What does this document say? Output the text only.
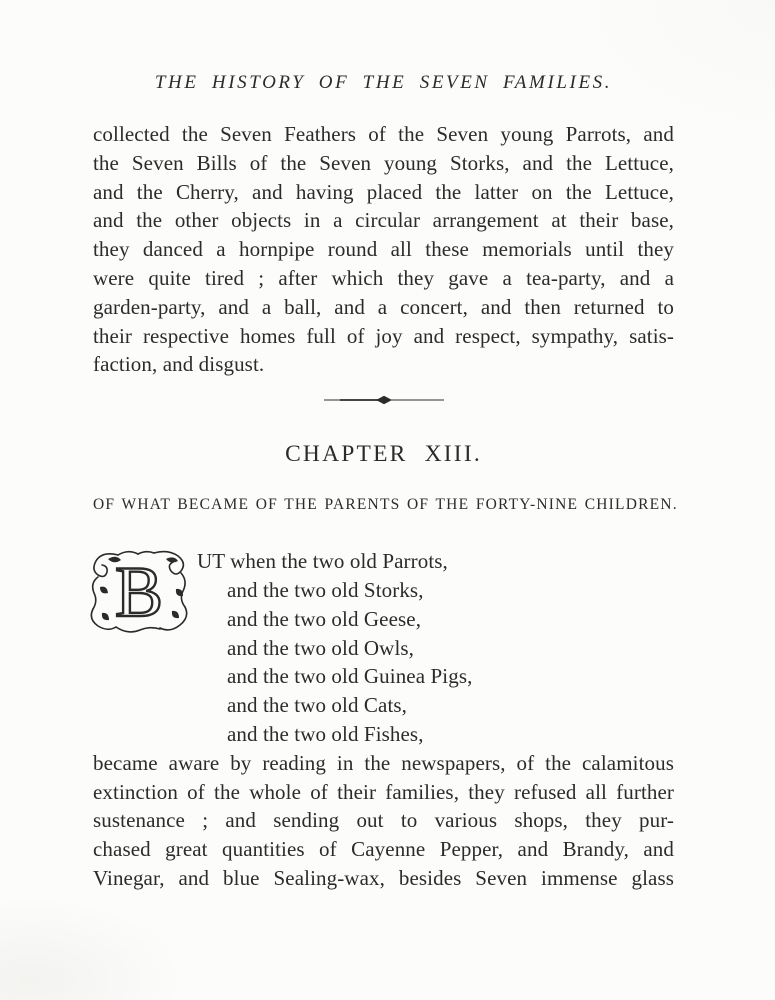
THE HISTORY OF THE SEVEN FAMILIES.
collected the Seven Feathers of the Seven young Parrots, and
the Seven Bills of the Seven young Storks, and the Lettuce,
and the Cherry, and having placed the latter on the Lettuce,
and the other objects in a circular arrangement at their base,
they danced a hornpipe round all these memorials until they
were quite tired ; after which they gave a tea-party, and a
garden-party, and a ball, and a concert, and then returned to
their respective homes full of joy and respect, sympathy, satis-
faction, and disgust.
CHAPTER XIII.
OF WHAT BECAME OF THE PARENTS OF THE FORTY-NINE CHILDREN.
B UT when the two old Parrots,
and the two old Storks,
and the two old Geese,
and the two old Owls,
and the two old Guinea Pigs,
and the two old Cats,
and the two old Fishes,
became aware by reading in the newspapers, of the calamitous
extinction of the whole of their families, they refused all further
sustenance ; and sending out to various shops, they pur-
chased great quantities of Cayenne Pepper, and Brandy, and
Vinegar, and blue Sealing-wax, besides Seven immense glass
